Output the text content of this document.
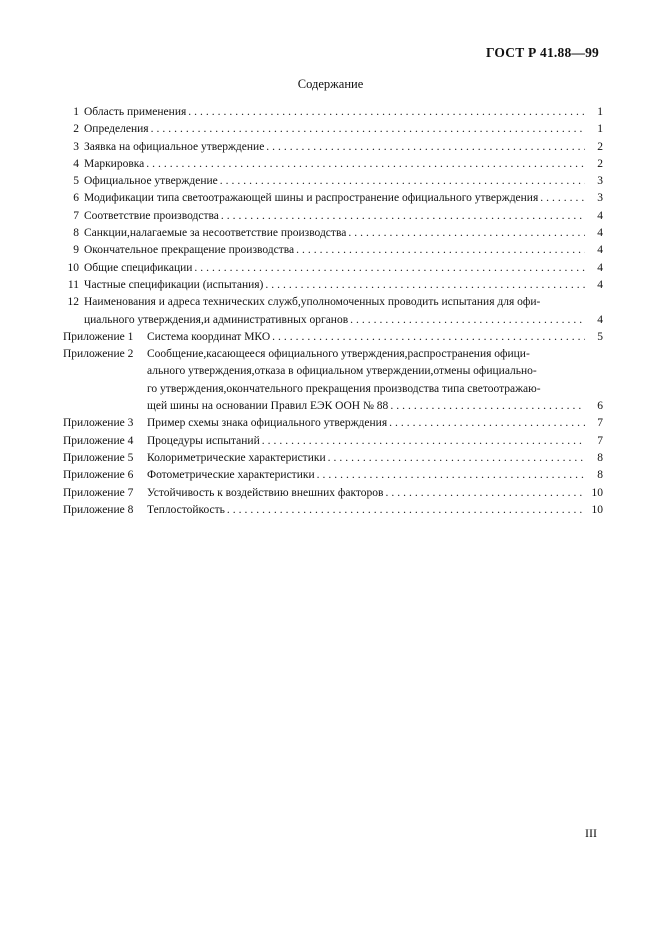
ГОСТ Р 41.88—99
Содержание
1 Область применения .....	1
2 Определения .....	1
3 Заявка на официальное утверждение .....	2
4 Маркировка .....	2
5 Официальное утверждение .....	3
6 Модификации типа светоотражающей шины и распространение официального утверждения .....	3
7 Соответствие производства .....	4
8 Санкции,налагаемые за несоответствие производства .....	4
9 Окончательное прекращение производства .....	4
10 Общие спецификации .....	4
11 Частные спецификации (испытания) .....	4
12 Наименования и адреса технических служб,уполномоченных проводить испытания для офи-
циального утверждения,и административных органов .....	4
Приложение 1	Система координат МКО .....	5
Приложение 2	Сообщение,касающееся официального утверждения,распространения офици-
ального утверждения,отказа в официальном утверждении,отмены официально-
го утверждения,окончательного прекращения производства типа светоотражаю-
щей шины на основании Правил ЕЭК ООН № 88 .....	6
Приложение 3	Пример схемы знака официального утверждения .....	7
Приложение 4	Процедуры испытаний .....	7
Приложение 5	Колориметрические характеристики .....	8
Приложение 6	Фотометрические характеристики .....	8
Приложение 7	Устойчивость к воздействию внешних факторов .....	10
Приложение 8	Теплостойкость .....	10
III
